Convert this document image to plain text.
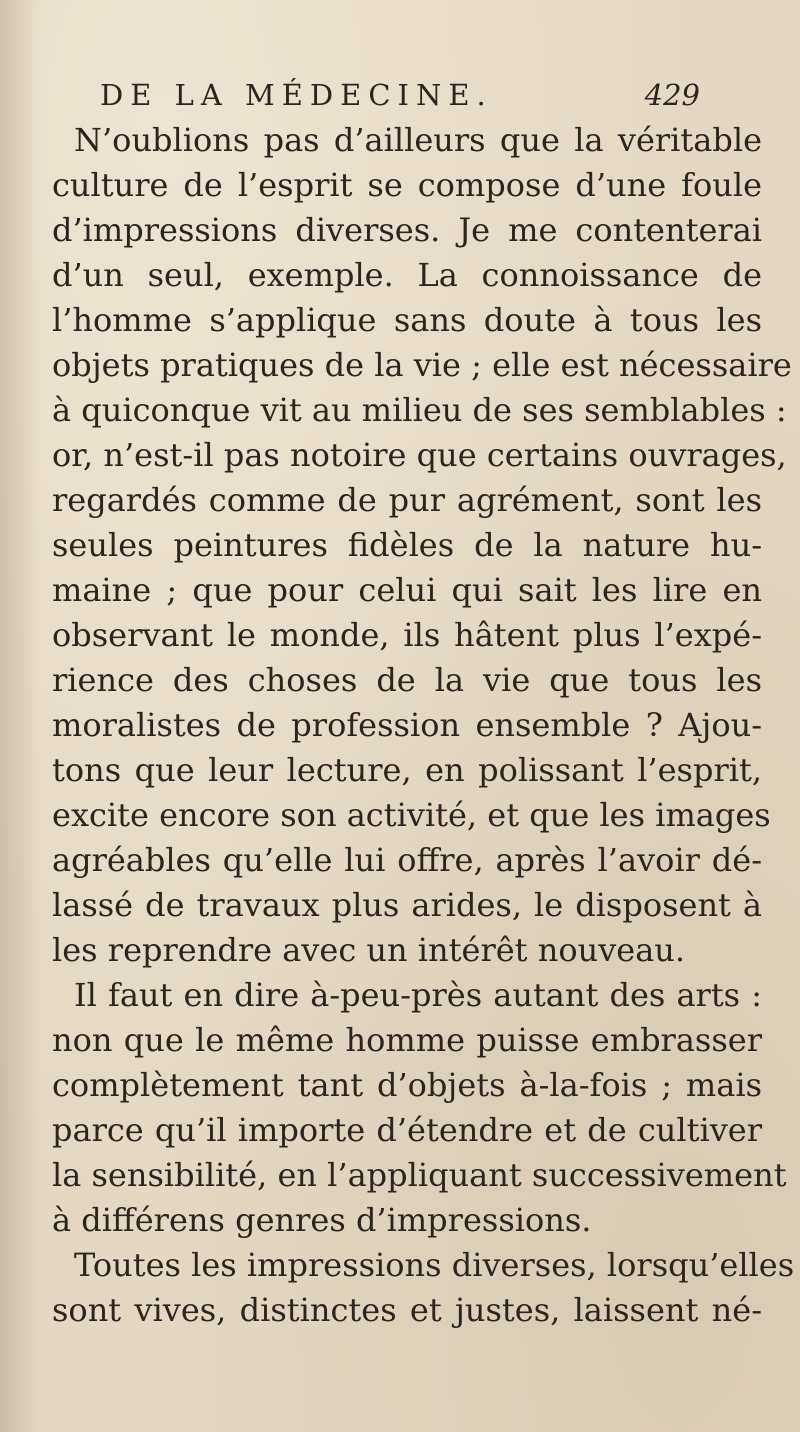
DE LA MÉDECINE.	429
N’oublions pas d’ailleurs que la véritable
culture de l’esprit se compose d’une foule
d’impressions diverses. Je me contenterai
d’un seul, exemple. La connoissance de
l’homme s’applique sans doute à tous les
objets pratiques de la vie ; elle est nécessaire
à quiconque vit au milieu de ses semblables :
or, n’est-il pas notoire que certains ouvrages,
regardés comme de pur agrément, sont les
seules peintures fidèles de la nature hu-
maine ; que pour celui qui sait les lire en
observant le monde, ils hâtent plus l’expé-
rience des choses de la vie que tous les
moralistes de profession ensemble ? Ajou-
tons que leur lecture, en polissant l’esprit,
excite encore son activité, et que les images
agréables qu’elle lui offre, après l’avoir dé-
lassé de travaux plus arides, le disposent à
les reprendre avec un intérêt nouveau.
Il faut en dire à-peu-près autant des arts :
non que le même homme puisse embrasser
complètement tant d’objets à-la-fois ; mais
parce qu’il importe d’étendre et de cultiver
la sensibilité, en l’appliquant successivement
à différens genres d’impressions.
Toutes les impressions diverses, lorsqu’elles
sont vives, distinctes et justes, laissent né-
